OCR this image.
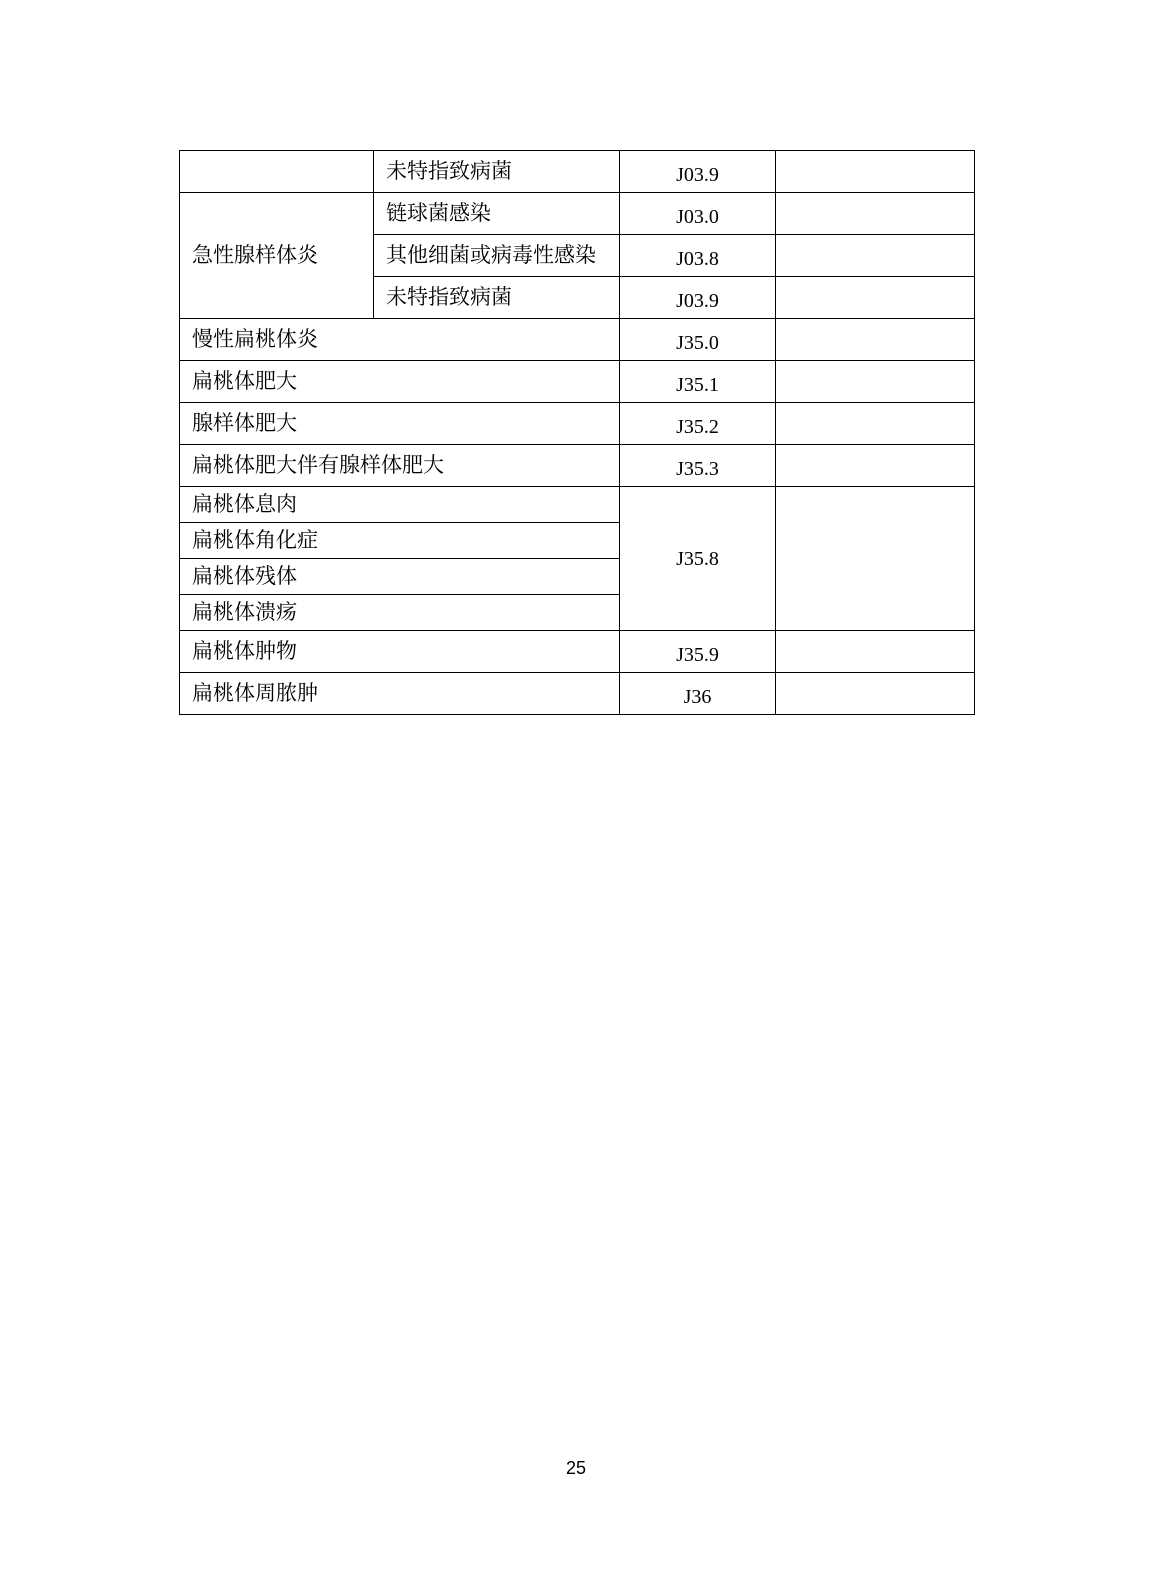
	未特指致病菌	J03.9	
急性腺样体炎	链球菌感染	J03.0	
	其他细菌或病毒性感染	J03.8	
	未特指致病菌	J03.9	
慢性扁桃体炎		J35.0	
扁桃体肥大		J35.1	
腺样体肥大		J35.2	
扁桃体肥大伴有腺样体肥大		J35.3	
扁桃体息肉		J35.8	
扁桃体角化症			
扁桃体残体			
扁桃体溃疡			
扁桃体肿物		J35.9	
扁桃体周脓肿		J36	
25
